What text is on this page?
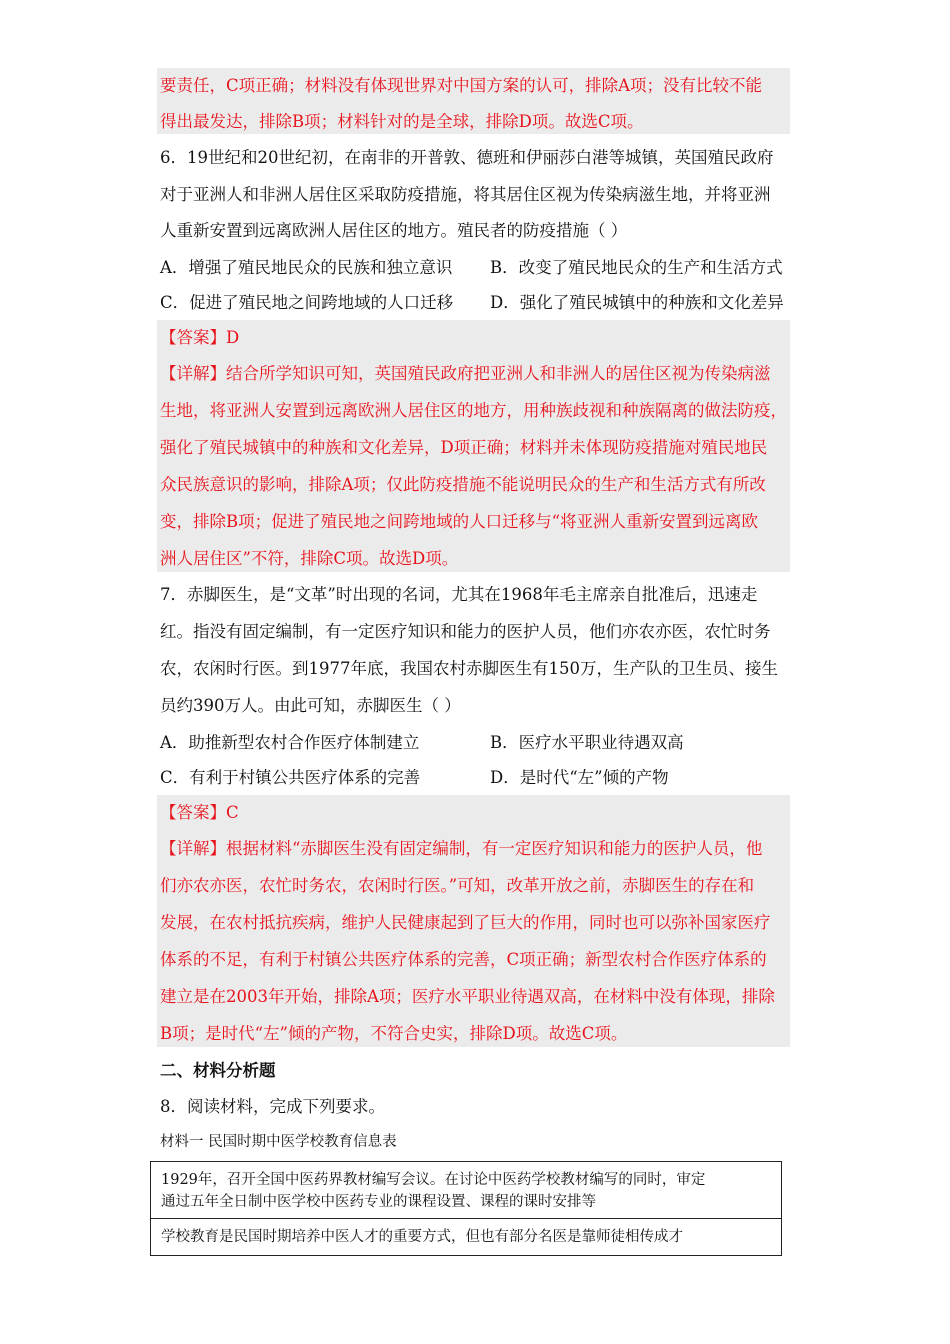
要责任，C项正确；材料没有体现世界对中国方案的认可，排除A项；没有比较不能
得出最发达，排除B项；材料针对的是全球，排除D项。故选C项。
6．19世纪和20世纪初，在南非的开普敦、德班和伊丽莎白港等城镇，英国殖民政府
对于亚洲人和非洲人居住区采取防疫措施，将其居住区视为传染病滋生地，并将亚洲
人重新安置到远离欧洲人居住区的地方。殖民者的防疫措施（ ）
A．增强了殖民地民众的民族和独立意识 B．改变了殖民地民众的生产和生活方式
C．促进了殖民地之间跨地域的人口迁移 D．强化了殖民城镇中的种族和文化差异
【答案】D
【详解】结合所学知识可知，英国殖民政府把亚洲人和非洲人的居住区视为传染病滋
生地，将亚洲人安置到远离欧洲人居住区的地方，用种族歧视和种族隔离的做法防疫，
强化了殖民城镇中的种族和文化差异，D项正确；材料并未体现防疫措施对殖民地民
众民族意识的影响，排除A项；仅此防疫措施不能说明民众的生产和生活方式有所改
变，排除B项；促进了殖民地之间跨地域的人口迁移与“将亚洲人重新安置到远离欧
洲人居住区”不符，排除C项。故选D项。
7．赤脚医生，是“文革”时出现的名词，尤其在1968年毛主席亲自批准后，迅速走
红。指没有固定编制，有一定医疗知识和能力的医护人员，他们亦农亦医，农忙时务
农，农闲时行医。到1977年底，我国农村赤脚医生有150万，生产队的卫生员、接生
员约390万人。由此可知，赤脚医生（ ）
A．助推新型农村合作医疗体制建立	B．医疗水平职业待遇双高
C．有利于村镇公共医疗体系的完善	D．是时代“左”倾的产物
【答案】C
【详解】根据材料“赤脚医生没有固定编制，有一定医疗知识和能力的医护人员，他
们亦农亦医，农忙时务农，农闲时行医。”可知，改革开放之前，赤脚医生的存在和
发展，在农村抵抗疾病，维护人民健康起到了巨大的作用，同时也可以弥补国家医疗
体系的不足，有利于村镇公共医疗体系的完善，C项正确；新型农村合作医疗体系的
建立是在2003年开始，排除A项；医疗水平职业待遇双高，在材料中没有体现，排除
B项；是时代“左”倾的产物，不符合史实，排除D项。故选C项。
二、材料分析题
8．阅读材料，完成下列要求。
材料一 民国时期中医学校教育信息表
1929年，召开全国中医药界教材编写会议。在讨论中医药学校教材编写的同时，审定
通过五年全日制中医学校中医药专业的课程设置、课程的课时安排等
学校教育是民国时期培养中医人才的重要方式，但也有部分名医是靠师徒相传成才
